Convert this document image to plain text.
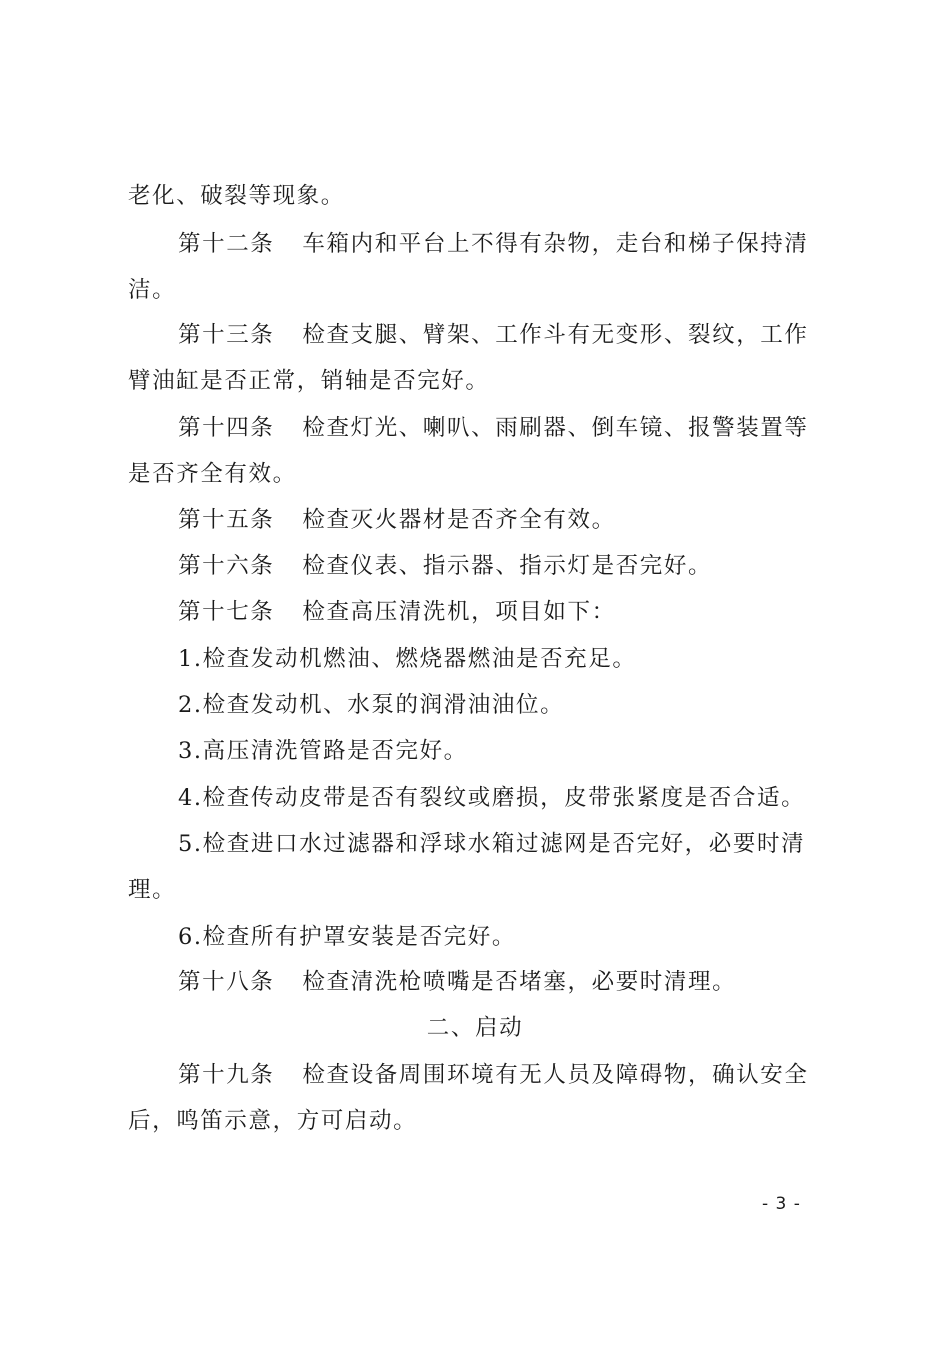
老化、破裂等现象。
第十二条 车箱内和平台上不得有杂物，走台和梯子保持清
洁。
第十三条 检查支腿、臂架、工作斗有无变形、裂纹，工作
臂油缸是否正常，销轴是否完好。
第十四条 检查灯光、喇叭、雨刷器、倒车镜、报警装置等
是否齐全有效。
第十五条 检查灭火器材是否齐全有效。
第十六条 检查仪表、指示器、指示灯是否完好。
第十七条 检查高压清洗机，项目如下：
1.检查发动机燃油、燃烧器燃油是否充足。
2.检查发动机、水泵的润滑油油位。
3.高压清洗管路是否完好。
4.检查传动皮带是否有裂纹或磨损，皮带张紧度是否合适。
5.检查进口水过滤器和浮球水箱过滤网是否完好，必要时清
理。
6.检查所有护罩安装是否完好。
第十八条 检查清洗枪喷嘴是否堵塞，必要时清理。
二、启动
第十九条 检查设备周围环境有无人员及障碍物，确认安全
后，鸣笛示意，方可启动。
- 3 -
